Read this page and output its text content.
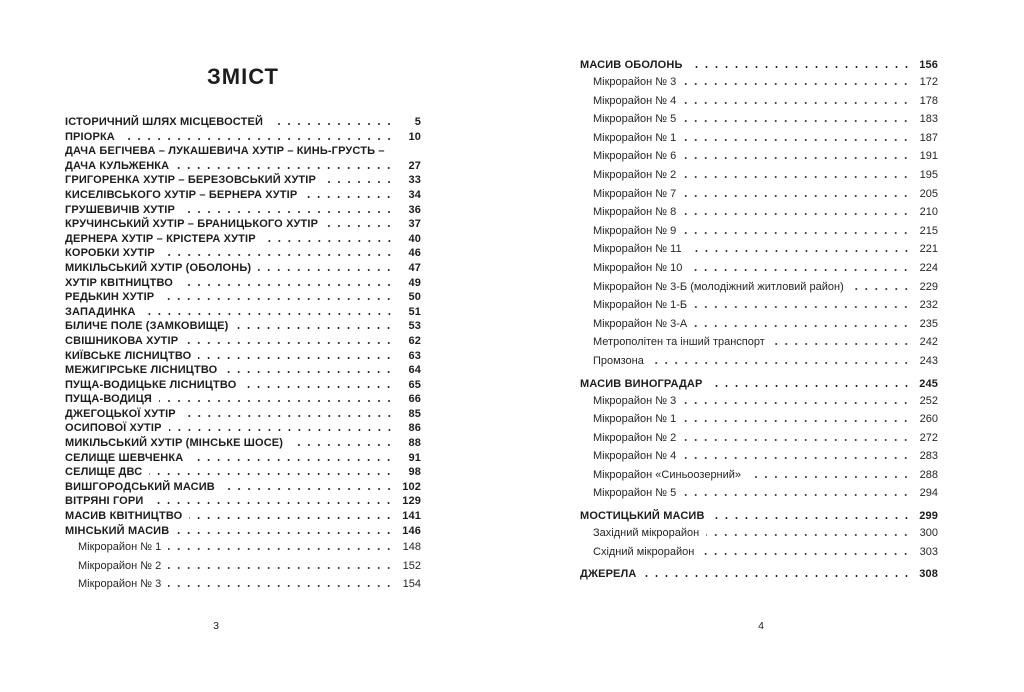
ЗМІСТ
ІСТОРИЧНИЙ ШЛЯХ МІСЦЕВОСТЕЙ	5
ПРІОРКА	10
ДАЧА БЕГІЧЕВА – ЛУКАШЕВИЧА ХУТІР – КИНЬ-ГРУСТЬ –
ДАЧА КУЛЬЖЕНКА	27
ГРИГОРЕНКА ХУТІР – БЕРЕЗОВСЬКИЙ ХУТІР	33
КИСЕЛІВСЬКОГО ХУТІР – БЕРНЕРА ХУТІР	34
ГРУШЕВИЧІВ ХУТІР	36
КРУЧИНСЬКИЙ ХУТІР – БРАНИЦЬКОГО ХУТІР	37
ДЕРНЕРА ХУТІР – КРІСТЕРА ХУТІР	40
КОРОБКИ ХУТІР	46
МИКІЛЬСЬКИЙ ХУТІР (ОБОЛОНЬ)	47
ХУТІР КВІТНИЦТВО	49
РЕДЬКИН ХУТІР	50
ЗАПАДИНКА	51
БІЛИЧЕ ПОЛЕ (ЗАМКОВИЩЕ)	53
СВІШНИКОВА ХУТІР	62
КИЇВСЬКЕ ЛІСНИЦТВО	63
МЕЖИГІРСЬКЕ ЛІСНИЦТВО	64
ПУЩА-ВОДИЦЬКЕ ЛІСНИЦТВО	65
ПУЩА-ВОДИЦЯ	66
ДЖЕГОЦЬКОЇ ХУТІР	85
ОСИПОВОЇ ХУТІР	86
МИКІЛЬСЬКИЙ ХУТІР (МІНСЬКЕ ШОСЕ)	88
СЕЛИЩЕ ШЕВЧЕНКА	91
СЕЛИЩЕ ДВС	98
ВИШГОРОДСЬКИЙ МАСИВ	102
ВІТРЯНІ ГОРИ	129
МАСИВ КВІТНИЦТВО	141
МІНСЬКИЙ МАСИВ	146
Мікрорайон № 1	148
Мікрорайон № 2	152
Мікрорайон № 3	154
МАСИВ ОБОЛОНЬ	156
Мікрорайон № 3	172
Мікрорайон № 4	178
Мікрорайон № 5	183
Мікрорайон № 1	187
Мікрорайон № 6	191
Мікрорайон № 2	195
Мікрорайон № 7	205
Мікрорайон № 8	210
Мікрорайон № 9	215
Мікрорайон № 11	221
Мікрорайон № 10	224
Мікрорайон № 3-Б (молодіжний житловий район)	229
Мікрорайон № 1-Б	232
Мікрорайон № 3-А	235
Метрополітен та інший транспорт	242
Промзона	243
МАСИВ ВИНОГРАДАР	245
Мікрорайон № 3	252
Мікрорайон № 1	260
Мікрорайон № 2	272
Мікрорайон № 4	283
Мікрорайон «Синьоозерний»	288
Мікрорайон № 5	294
МОСТИЦЬКИЙ МАСИВ	299
Західний мікрорайон	300
Східний мікрорайон	303
ДЖЕРЕЛА	308
3	4
